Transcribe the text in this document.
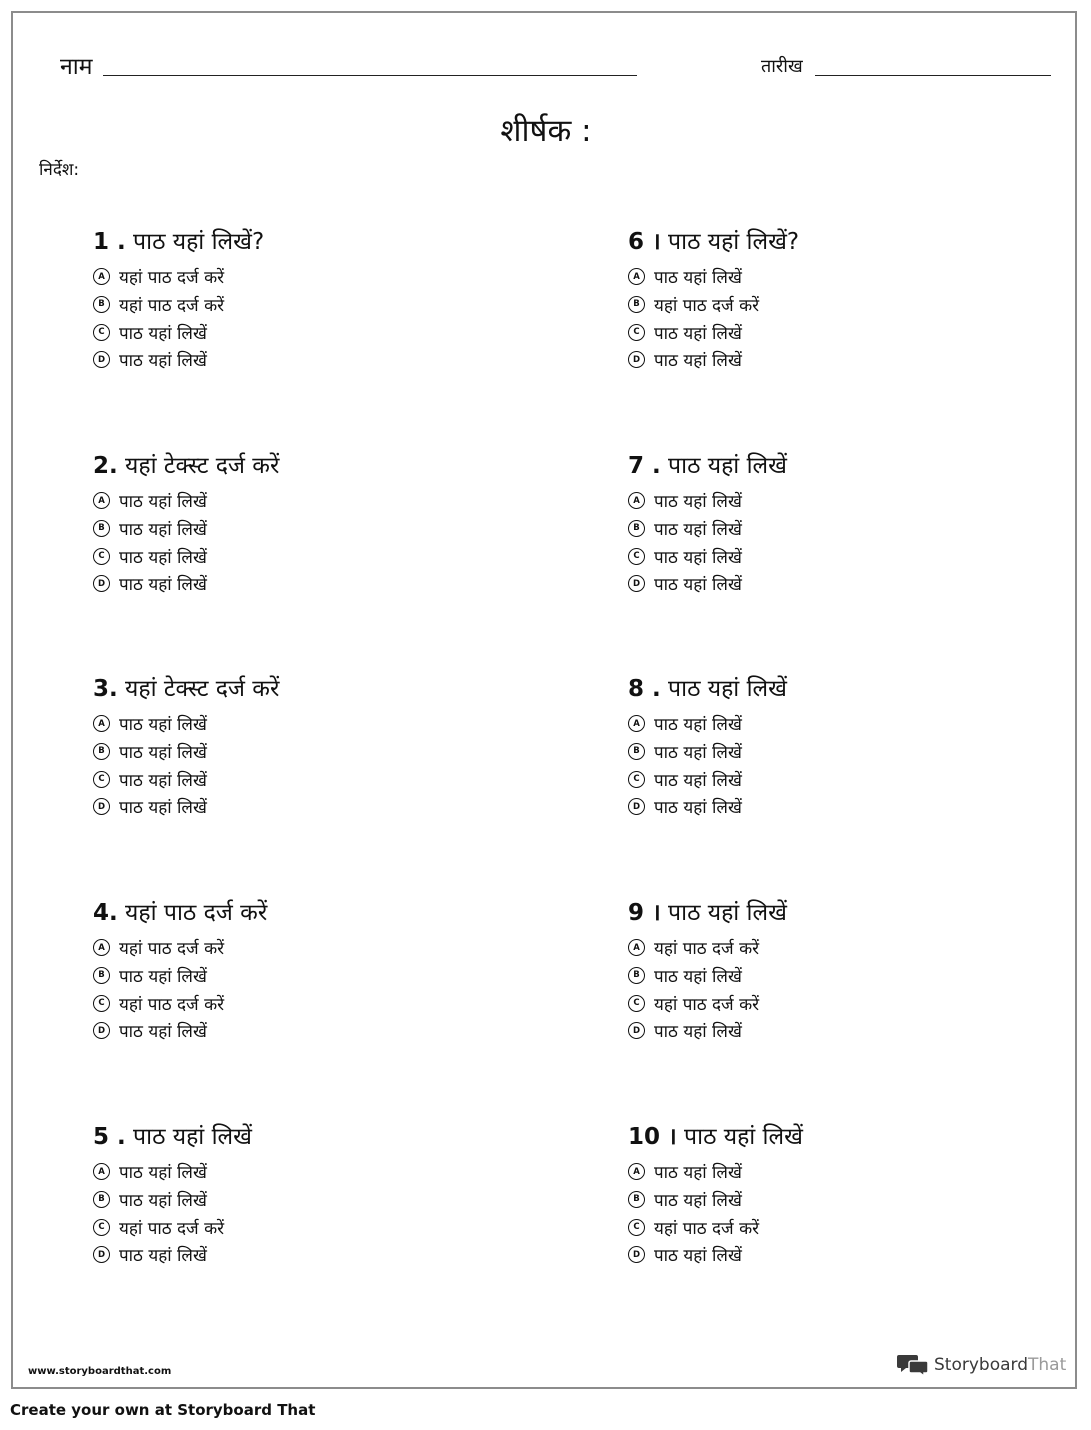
नाम	तारीख
शीर्षक :
निर्देश:
1 . पाठ यहां लिखें?
A यहां पाठ दर्ज करें
B यहां पाठ दर्ज करें
C पाठ यहां लिखें
D पाठ यहां लिखें
2. यहां टेक्स्ट दर्ज करें
A पाठ यहां लिखें
B पाठ यहां लिखें
C पाठ यहां लिखें
D पाठ यहां लिखें
3. यहां टेक्स्ट दर्ज करें
A पाठ यहां लिखें
B पाठ यहां लिखें
C पाठ यहां लिखें
D पाठ यहां लिखें
4. यहां पाठ दर्ज करें
A यहां पाठ दर्ज करें
B पाठ यहां लिखें
C यहां पाठ दर्ज करें
D पाठ यहां लिखें
5 . पाठ यहां लिखें
A पाठ यहां लिखें
B पाठ यहां लिखें
C यहां पाठ दर्ज करें
D पाठ यहां लिखें
6 । पाठ यहां लिखें?
A पाठ यहां लिखें
B यहां पाठ दर्ज करें
C पाठ यहां लिखें
D पाठ यहां लिखें
7 . पाठ यहां लिखें
A पाठ यहां लिखें
B पाठ यहां लिखें
C पाठ यहां लिखें
D पाठ यहां लिखें
8 . पाठ यहां लिखें
A पाठ यहां लिखें
B पाठ यहां लिखें
C पाठ यहां लिखें
D पाठ यहां लिखें
9 । पाठ यहां लिखें
A यहां पाठ दर्ज करें
B पाठ यहां लिखें
C यहां पाठ दर्ज करें
D पाठ यहां लिखें
10 । पाठ यहां लिखें
A पाठ यहां लिखें
B पाठ यहां लिखें
C यहां पाठ दर्ज करें
D पाठ यहां लिखें
www.storyboardthat.com	StoryboardThat
Create your own at Storyboard That
